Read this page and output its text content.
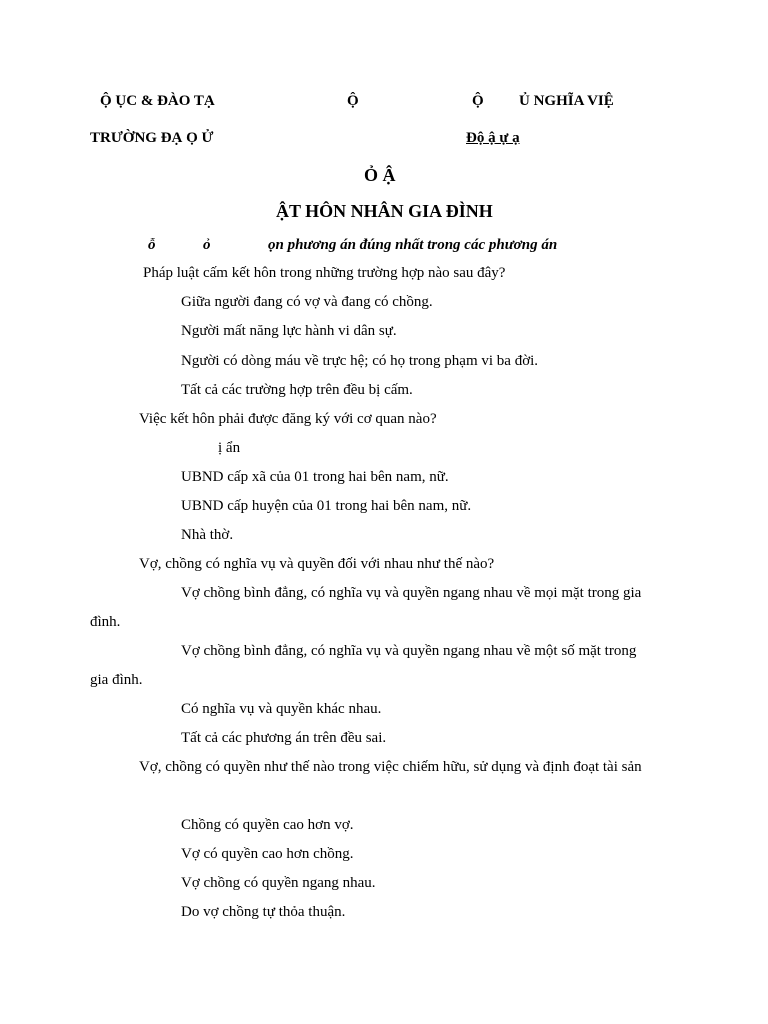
Ộ ỤC & ĐÀO TẠ	Ộ	Ộ Ủ NGHĨA VIỆ
TRƯỜNG ĐẠ Ọ Ử	Độ ậ ự ạ
Ỏ Ậ
ẬT HÔN NHÂN GIA ĐÌNH
ỗ	ỏ	ọn phương án đúng nhất trong các phương án
Pháp luật cấm kết hôn trong những trường hợp nào sau đây?
Giữa người đang có vợ và đang có chồng.
Người mất năng lực hành vi dân sự.
Người có dòng máu về trực hệ; có họ trong phạm vi ba đời.
Tất cả các trường hợp trên đều bị cấm.
Việc kết hôn phải được đăng ký với cơ quan nào?
ị ẩn
UBND cấp xã của 01 trong hai bên nam, nữ.
UBND cấp huyện của 01 trong hai bên nam, nữ.
Nhà thờ.
Vợ, chồng có nghĩa vụ và quyền đối với nhau như thế nào?
Vợ chồng bình đẳng, có nghĩa vụ và quyền ngang nhau về mọi mặt trong gia
đình.
Vợ chồng bình đẳng, có nghĩa vụ và quyền ngang nhau về một số mặt trong
gia đình.
Có nghĩa vụ và quyền khác nhau.
Tất cả các phương án trên đều sai.
Vợ, chồng có quyền như thế nào trong việc chiếm hữu, sử dụng và định đoạt tài sản
Chồng có quyền cao hơn vợ.
Vợ có quyền cao hơn chồng.
Vợ chồng có quyền ngang nhau.
Do vợ chồng tự thỏa thuận.
